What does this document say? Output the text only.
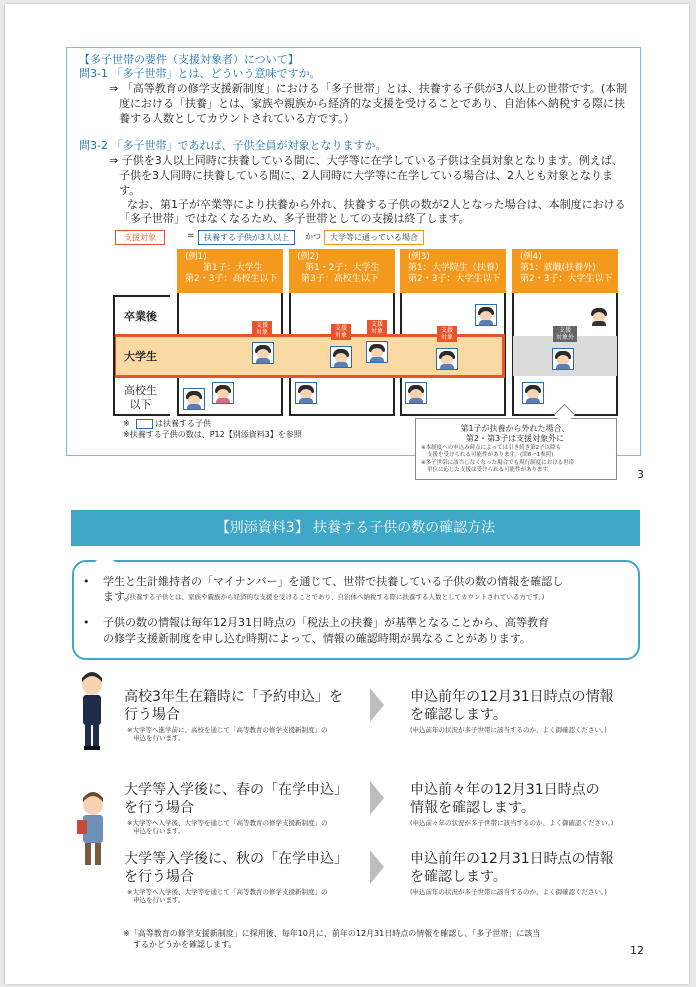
【多子世帯の要件（支援対象者）について】
問3-1 「多子世帯」とは、どういう意味ですか。
⇒ 「高等教育の修学支援新制度」における「多子世帯」とは、扶養する子供が3人以上の世帯です。(本制
度における「扶養」とは、家族や親族から経済的な支援を受けることであり、自治体へ納税する際に扶
養する人数としてカウントされている方です。）
問3-2 「多子世帯」であれば、子供全員が対象となりますか。
⇒ 子供を3人以上同時に扶養している間に、大学等に在学している子供は全員対象となります。例えば、
子供を3人同時に扶養している間に、2人同時に大学等に在学している場合は、2人とも対象となりま
す。
なお、第1子が卒業等により扶養から外れ、扶養する子供の数が2人となった場合は、本制度における
「多子世帯」ではなくなるため、多子世帯としての支援は終了します。
支援対象	=	扶養する子供が3人以上	かつ	大学等に通っている場合
卒業後
大学生
高校生
以下
(例1)
第1子：大学生
第2・3子：高校生以下
(例2)
第1・2子：大学生
第3子：高校生以下
(例3)
第1：大学院生（扶養）
第2・3子：大学生以下
(例4)
第1：就職(扶養外)
第2・3子：大学生以下
支援
対象
支援
対象
支援
対象	支援
対象
支援
対象外
※	は扶養する子供
※扶養する子供の数は、P12【別添資料3】を参照
第1子が扶養から外れた場合、
第2・第3子は支援対象外に
※本制度への申込み時点によっては引き続き第2子以降も
支援を受けられる可能性があります。(問8ー1参照)
※多子世帯に該当しなくなった場合でも現行制度における世帯
単位に応じた支援は受けられる可能性があります。	3
【別添資料3】 扶養する子供の数の確認方法
• 学生と生計維持者の「マイナンバー」を通じて、世帯で扶養している子供の数の情報を確認し
ます。
(扶養する子供とは、家族や親族から経済的な支援を受けることであり、自治体へ納税する際に扶養する人数としてカウントされている方です。)
• 子供の数の情報は毎年12月31日時点の「税法上の扶養」が基準となることから、高等教育
の修学支援新制度を申し込む時期によって、情報の確認時期が異なることがあります。
高校3年生在籍時に「予約申込」を
行う場合
※大学等へ進学前に、高校を通じて「高等教育の修学支援新制度」の
申込を行います。
申込前年の12月31日時点の情報
を確認します。
(申込前年の状況が多子世帯に該当するのか、よく御確認ください。)
大学等入学後に、春の「在学申込」
を行う場合
※大学等へ入学後、大学等を通じて「高等教育の修学支援新制度」の
申込を行います。
申込前々年の12月31日時点の
情報を確認します。
(申込前々年の状況が多子世帯に該当するのか、よく御確認ください。)
大学等入学後に、秋の「在学申込」
を行う場合
※大学等へ入学後、大学等を通じて「高等教育の修学支援新制度」の
申込を行います。
申込前年の12月31日時点の情報
を確認します。
(申込前年の状況が多子世帯に該当するのか、よく御確認ください。)
※「高等教育の修学支援新制度」に採用後、毎年10月に、前年の12月31日時点の情報を確認し、「多子世帯」に該当
するかどうかを確認します。	12
